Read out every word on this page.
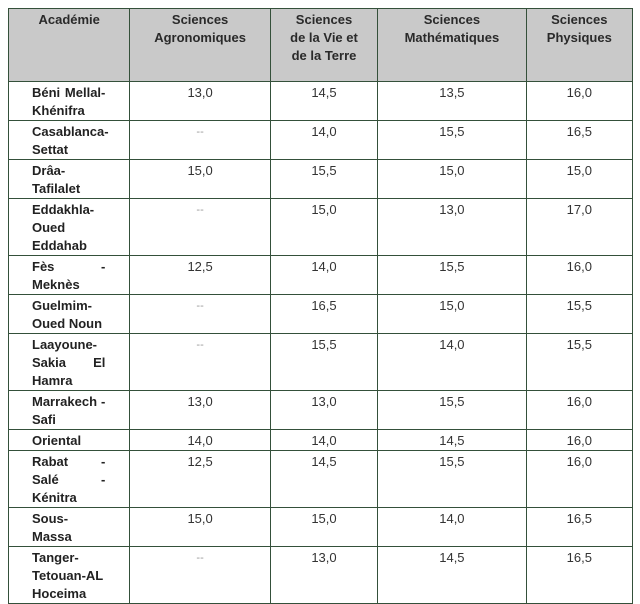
Académie	Sciences Agronomiques	Sciences de la Vie et de la Terre	Sciences Mathématiques	Sciences Physiques
Béni Mellal-Khénifra	13,0	14,5	13,5	16,0
Casablanca-Settat	--	14,0	15,5	16,5
Drâa-Tafilalet	15,0	15,5	15,0	15,0
Eddakhla-Oued Eddahab	--	15,0	13,0	17,0
Fès - Meknès	12,5	14,0	15,5	16,0
Guelmim-Oued Noun	--	16,5	15,0	15,5
Laayoune-Sakia El Hamra	--	15,5	14,0	15,5
Marrakech - Safi	13,0	13,0	15,5	16,0
Oriental	14,0	14,0	14,5	16,0
Rabat - Salé - Kénitra	12,5	14,5	15,5	16,0
Sous-Massa	15,0	15,0	14,0	16,5
Tanger-Tetouan-AL Hoceima	--	13,0	14,5	16,5
